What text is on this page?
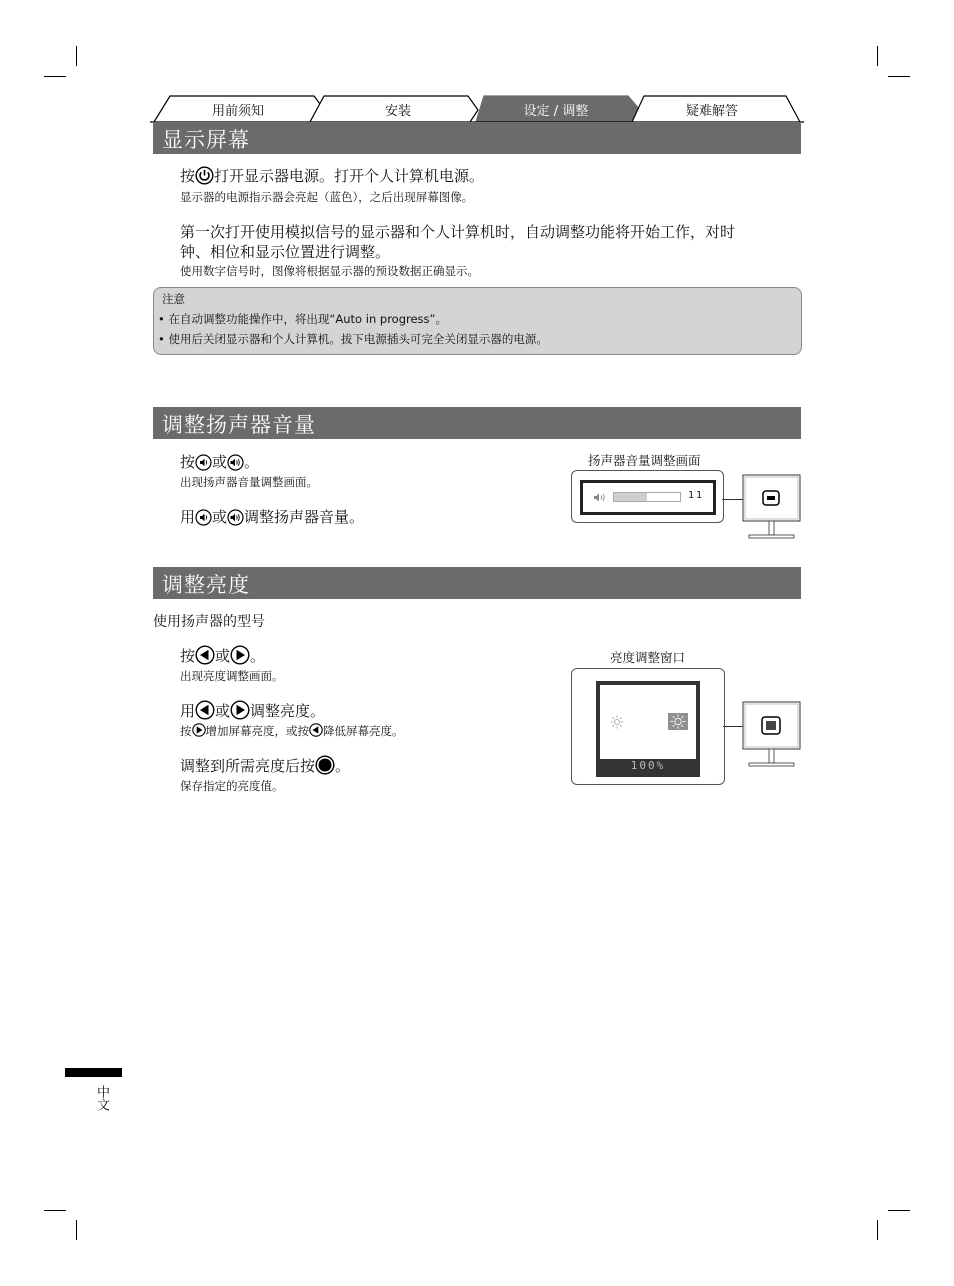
用前须知	安装	设定 / 调整	疑难解答
显示屏幕
按 打开显示器电源。打开个人计算机电源。
显示器的电源指示器会亮起（蓝色），之后出现屏幕图像。
第一次打开使用模拟信号的显示器和个人计算机时，自动调整功能将开始工作，对时
钟、相位和显示位置进行调整。
使用数字信号时，图像将根据显示器的预设数据正确显示。
注意
• 在自动调整功能操作中，将出现“Auto in progress”。
• 使用后关闭显示器和个人计算机。拔下电源插头可完全关闭显示器的电源。
调整扬声器音量
按 或 。
出现扬声器音量调整画面。
用 或 调整扬声器音量。
扬声器音量调整画面
11
调整亮度
使用扬声器的型号
按 或 。
出现亮度调整画面。
用 或 调整亮度。
按 增加屏幕亮度，或按 降低屏幕亮度。
调整到所需亮度后按 。
保存指定的亮度值。
亮度调整窗口
100%
中文
